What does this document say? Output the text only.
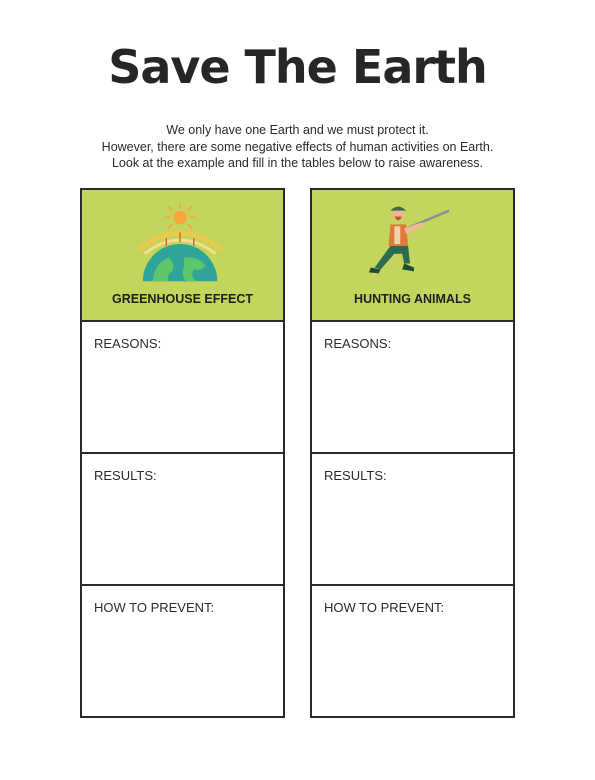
Save The Earth

We only have one Earth and we must protect it.

However, there are some negative effects of human activities on Earth.

Look at the example and fill in the tables below to raise awareness.

GREENHOUSE EFFECT
REASONS:
RESULTS:
HOW TO PREVENT:
HUNTING ANIMALS
REASONS:
RESULTS:
HOW TO PREVENT:
